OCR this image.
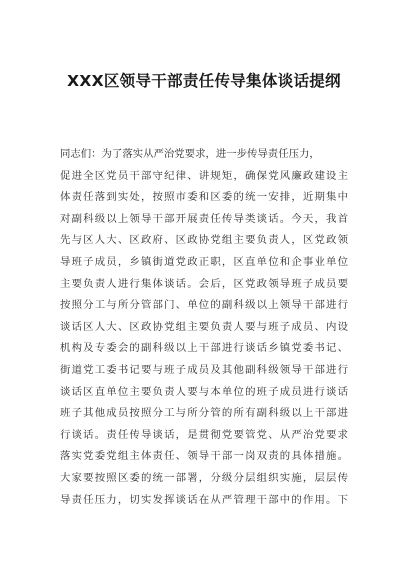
XXX区领导干部责任传导集体谈话提纲
同志们：为了落实从严治党要求，进一步传导责任压力，
促进全区党员干部守纪律、讲规矩，确保党风廉政建设主
体责任落到实处，按照市委和区委的统一安排，近期集中
对副科级以上领导干部开展责任传导类谈话。今天，我首
先与区人大、区政府、区政协党组主要负责人，区党政领
导班子成员，乡镇街道党政正职，区直单位和企事业单位
主要负责人进行集体谈话。会后，区党政领导班子成员要
按照分工与所分管部门、单位的副科级以上领导干部进行
谈话区人大、区政协党组主要负责人要与班子成员、内设
机构及专委会的副科级以上干部进行谈话乡镇党委书记、
街道党工委书记要与班子成员及其他副科级领导干部进行
谈话区直单位主要负责人要与本单位的班子成员进行谈话
班子其他成员按照分工与所分管的所有副科级以上干部进
行谈话。责任传导谈话，是贯彻党要管党、从严治党要求
落实党委党组主体责任、领导干部一岗双责的具体措施。
大家要按照区委的统一部署，分级分层组织实施，层层传
导责任压力，切实发挥谈话在从严管理干部中的作用。下
